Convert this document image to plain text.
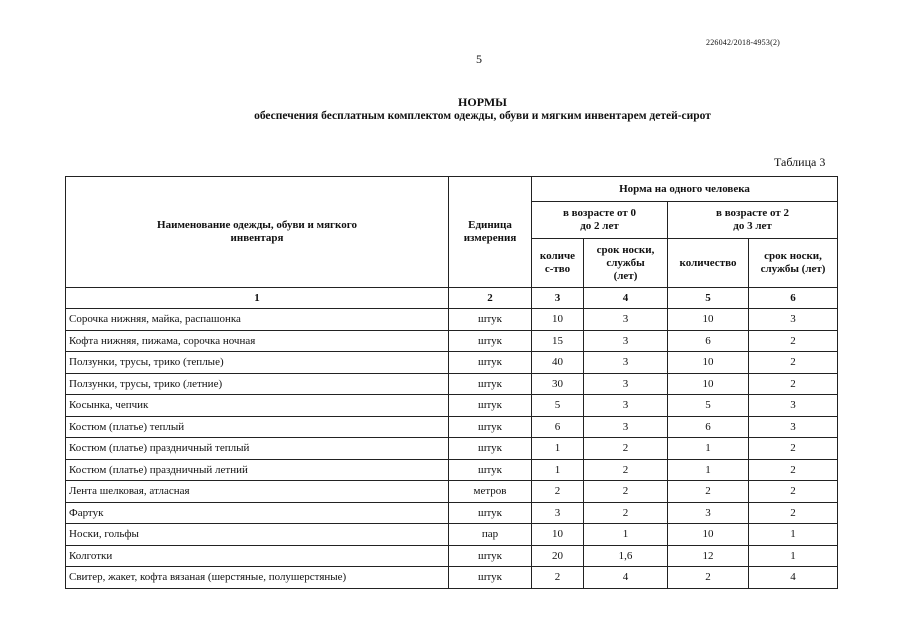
226042/2018-4953(2)
5
НОРМЫ
обеспечения бесплатным комплектом одежды, обуви и мягким инвентарем детей-сирот
Таблица 3
Наименование одежды, обуви и мягкого инвентаря	Единица измерения	Норма на одного человека			
		в возрасте от 0 до 2 лет		в возрасте от 2 до 3 лет	
		количес-тво	срок носки, службы (лет)	количество	срок носки, службы (лет)
1	2	3	4	5	6
Сорочка нижняя, майка, распашонка	штук	10	3	10	3
Кофта нижняя, пижама, сорочка ночная	штук	15	3	6	2
Ползунки, трусы, трико (теплые)	штук	40	3	10	2
Ползунки, трусы, трико (летние)	штук	30	3	10	2
Косынка, чепчик	штук	5	3	5	3
Костюм (платье) теплый	штук	6	3	6	3
Костюм (платье) праздничный теплый	штук	1	2	1	2
Костюм (платье) праздничный летний	штук	1	2	1	2
Лента шелковая, атласная	метров	2	2	2	2
Фартук	штук	3	2	3	2
Носки, гольфы	пар	10	1	10	1
Колготки	штук	20	1,6	12	1
Свитер, жакет, кофта вязаная (шерстяные, полушерстяные)	штук	2	4	2	4
